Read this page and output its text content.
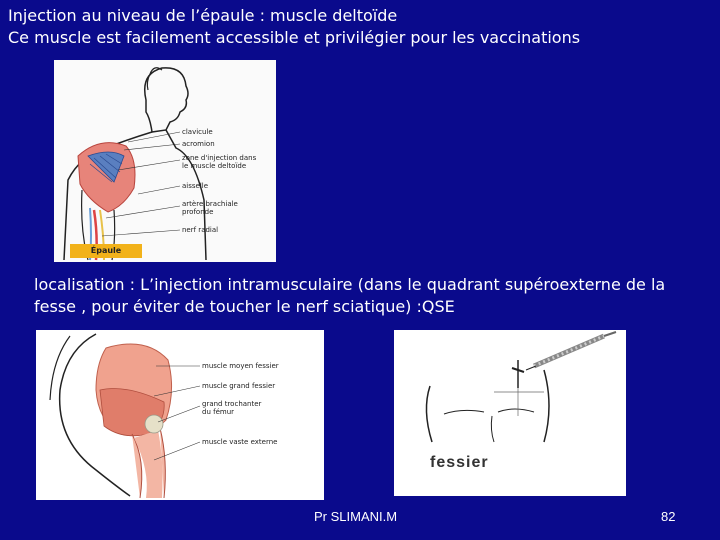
Injection au niveau de l’épaule : muscle deltoïde
Ce muscle est facilement accessible et privilégier pour les vaccinations
clavicule
acromion
zone d'injection dans le muscle deltoïde
aisselle
artère brachiale profonde
nerf radial
Épaule
localisation : L’injection intramusculaire (dans le quadrant supéroexterne de la fesse , pour éviter de toucher le nerf sciatique) :QSE
muscle moyen fessier
muscle grand fessier
grand trochanter du fémur
muscle vaste externe
fessier
Pr SLIMANI.M	82
